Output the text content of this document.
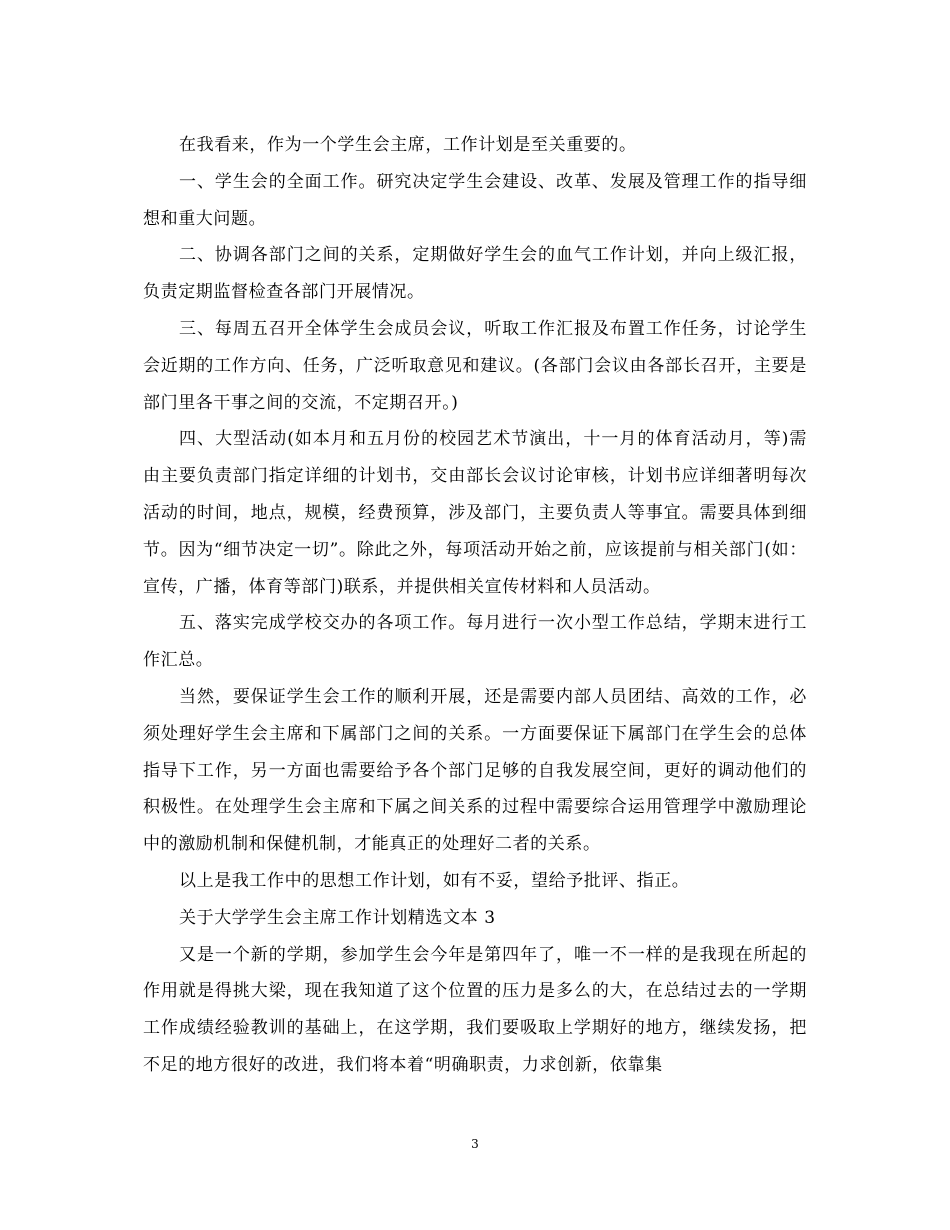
在我看来，作为一个学生会主席，工作计划是至关重要的。

一、学生会的全面工作。研究决定学生会建设、改革、发展及管理工作的指导细想和重大问题。

二、协调各部门之间的关系，定期做好学生会的血气工作计划，并向上级汇报，负责定期监督检查各部门开展情况。

三、每周五召开全体学生会成员会议，听取工作汇报及布置工作任务，讨论学生会近期的工作方向、任务，广泛听取意见和建议。(各部门会议由各部长召开，主要是部门里各干事之间的交流，不定期召开。)

四、大型活动(如本月和五月份的校园艺术节演出，十一月的体育活动月，等)需由主要负责部门指定详细的计划书，交由部长会议讨论审核，计划书应详细著明每次活动的时间，地点，规模，经费预算，涉及部门，主要负责人等事宜。需要具体到细节。因为“细节决定一切”。除此之外，每项活动开始之前，应该提前与相关部门(如：宣传，广播，体育等部门)联系，并提供相关宣传材料和人员活动。

五、落实完成学校交办的各项工作。每月进行一次小型工作总结，学期末进行工作汇总。

当然，要保证学生会工作的顺利开展，还是需要内部人员团结、高效的工作，必须处理好学生会主席和下属部门之间的关系。一方面要保证下属部门在学生会的总体指导下工作，另一方面也需要给予各个部门足够的自我发展空间，更好的调动他们的积极性。在处理学生会主席和下属之间关系的过程中需要综合运用管理学中激励理论中的激励机制和保健机制，才能真正的处理好二者的关系。

以上是我工作中的思想工作计划，如有不妥，望给予批评、指正。

关于大学学生会主席工作计划精选文本 3

又是一个新的学期，参加学生会今年是第四年了，唯一不一样的是我现在所起的作用就是得挑大梁，现在我知道了这个位置的压力是多么的大，在总结过去的一学期工作成绩经验教训的基础上，在这学期，我们要吸取上学期好的地方，继续发扬，把不足的地方很好的改进，我们将本着“明确职责，力求创新，依靠集

3
